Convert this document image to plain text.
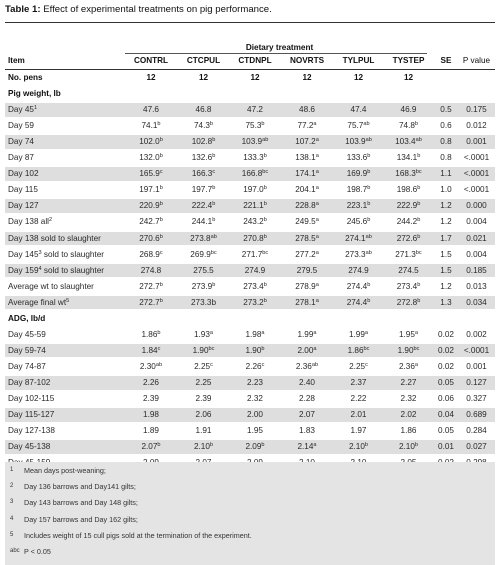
Table 1: Effect of experimental treatments on pig performance.
Dietary treatment
Item	CONTRL	CTCPUL	CTDNPL	NOVRTS	TYLPUL	TYSTEP	SE	P value
No. pens	12	12	12	12	12	12
Pig weight, lb
Day $45^1$	47.6	46.8	47.2	48.6	47.4	46.9	0.5	0.175
Day 59	74.1$^b$	74.3$^b$	75.3$^b$	77.2$^a$	75.7$^{ab}$	74.8$^b$	0.6	0.012
Day 74	102.0$^b$	102.8$^b$	103.9$^{ab}$	107.2$^a$	103.9$^{ab}$	103.4$^{ab}$	0.8	0.001
Day 87	132.0$^b$	132.6$^b$	133.3$^b$	138.1$^a$	133.6$^b$	134.1$^b$	0.8	<.0001
Day 102	165.9$^c$	166.3$^c$	166.8$^{bc}$	174.1$^a$	169.9$^b$	168.3$^{bc}$	1.1	<.0001
Day 115	197.1$^b$	197.7$^b$	197.0$^b$	204.1$^a$	198.7$^b$	198.6$^b$	1.0	<.0001
Day 127	220.9$^b$	222.4$^b$	221.1$^b$	228.8$^a$	223.1$^b$	222.9$^b$	1.2	0.000
Day 138 all$^2$	242.7$^b$	244.1$^b$	243.2$^b$	249.5$^a$	245.6$^b$	244.2$^b$	1.2	0.004
Day 138 sold to slaughter	270.6$^b$	273.8$^{ab}$	270.8$^b$	278.5$^a$	274.1$^{ab}$	272.6$^b$	1.7	0.021
Day $145^3$ sold to slaughter	268.9$^c$	269.9$^{bc}$	271.7$^{bc}$	277.2$^a$	273.3$^{ab}$	271.3$^{bc}$	1.5	0.004
Day $159^4$ sold to slaughter	274.8	275.5	274.9	279.5	274.9	274.5	1.5	0.185
Average wt to slaughter	272.7$^b$	273.9$^b$	273.4$^b$	278.9$^a$	274.4$^b$	273.4$^b$	1.2	0.013
Average final $wt^5$	272.7$^b$	273.3b	273.2$^b$	278.1$^a$	274.4$^b$	272.8$^b$	1.3	0.034
ADG, lb/d
Day 45-59	1.86$^b$	1.93$^a$	1.98$^a$	1.99$^a$	1.99$^a$	1.95$^a$	0.02	0.002
Day 59-74	1.84$^c$	1.90$^{bc}$	1.90$^b$	2.00$^a$	1.86$^{bc}$	1.90$^{bc}$	0.02	<.0001
Day 74-87	2.30$^{ab}$	2.25$^c$	2.26$^c$	2.36$^{ab}$	2.25$^c$	2.36$^a$	0.02	0.001
Day 87-102	2.26	2.25	2.23	2.40	2.37	2.27	0.05	0.127
Day 102-115	2.39	2.39	2.32	2.28	2.22	2.32	0.06	0.327
Day 115-127	1.98	2.06	2.00	2.07	2.01	2.02	0.04	0.689
Day 127-138	1.89	1.91	1.95	1.83	1.97	1.86	0.05	0.284
Day 45-138	2.07$^b$	2.10$^b$	2.09$^b$	2.14$^a$	2.10$^b$	2.10$^b$	0.01	0.027
1 Mean days post-weaning;
2 Day 136 barrows and Day141 gilts;
3 Day 143 barrows and Day 148 gilts;
4 Day 157 barrows and Day 162 gilts;
5 Includes weight of 15 cull pigs sold at the termination of the experiment.
abc P < 0.05
